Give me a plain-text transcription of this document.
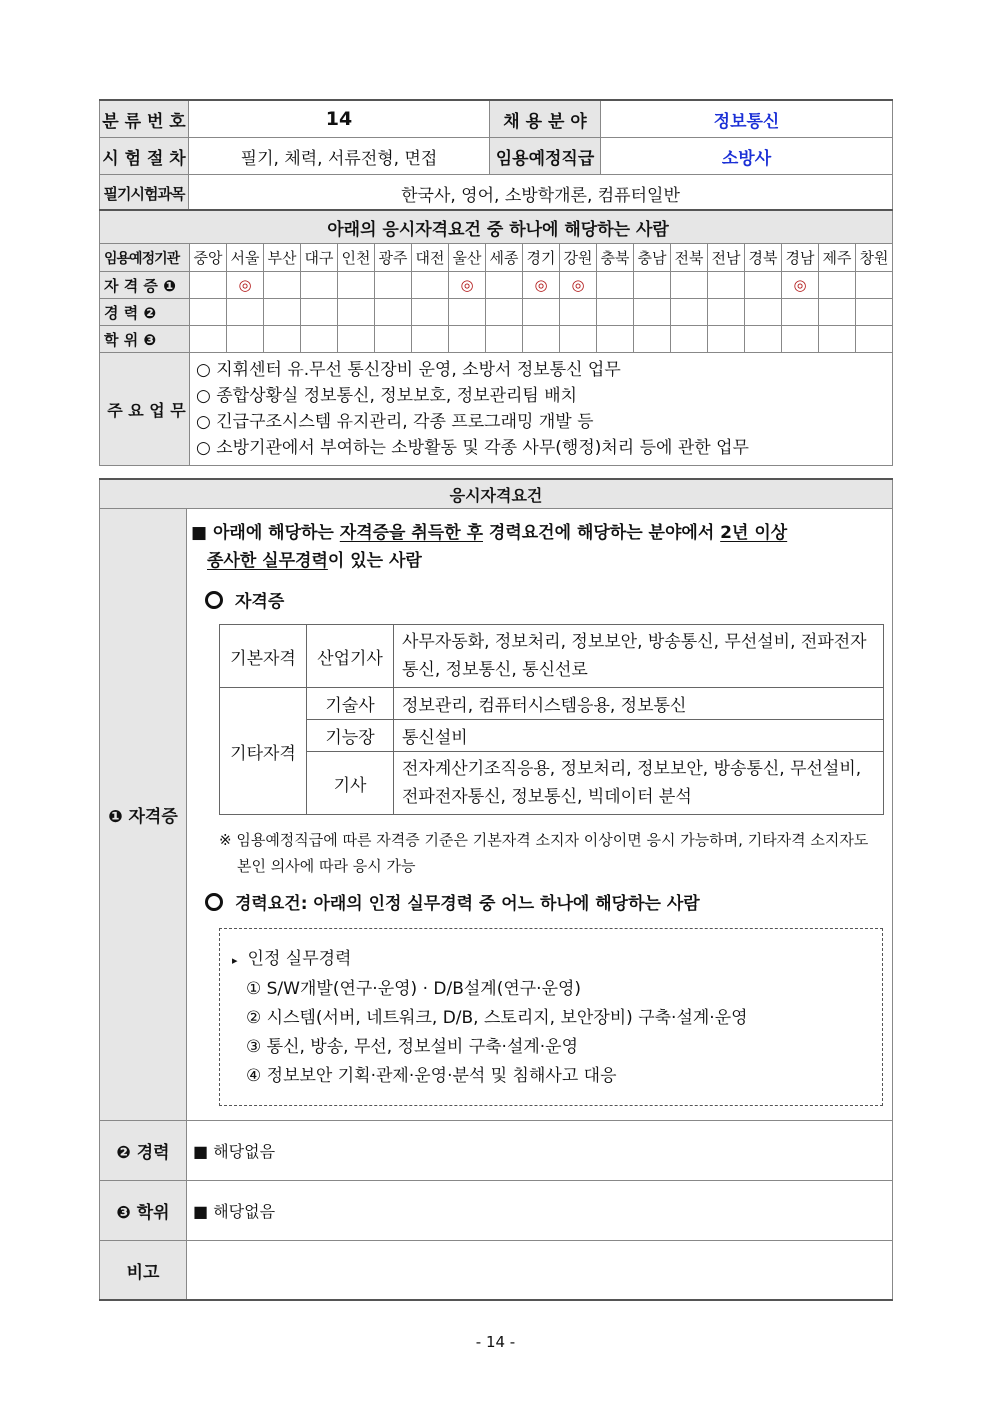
분 류 번 호	14	채 용 분 야	정보통신
시 험 절 차	필기, 체력, 서류전형, 면접	임용예정직급	소방사
필기시험과목	한국사, 영어, 소방학개론, 컴퓨터일반		
아래의 응시자격요건 중 하나에 해당하는 사람																			
임용예정기관	중앙	서울	부산	대구	인천	광주	대전	울산	세종	경기	강원	충북	충남	전북	전남	경북	경남	제주	창원
자 격 증 ❶		◎						◎		◎	◎						◎		
경 력 ❷																			
학 위 ❸																			
주 요 업 무	○ 지휘센터 유.무선 통신장비 운영, 소방서 정보통신 업무
○ 종합상황실 정보통신, 정보보호, 정보관리팀 배치
○ 긴급구조시스템 유지관리, 각종 프로그래밍 개발 등
○ 소방기관에서 부여하는 소방활동 및 각종 사무(행정)처리 등에 관한 업무																		
응시자격요건
❶ 자격증	
■ 아래에 해당하는 자격증을 취득한 후 경력요건에 해당하는 분야에서 2년 이상
종사한 실무경력이 있는 사람
자격증
기본자격	산업기사	사무자동화, 정보처리, 정보보안, 방송통신, 무선설비, 전파전자통신, 정보통신, 통신선로
기타자격	기술사	정보관리, 컴퓨터시스템응용, 정보통신
기능장	통신설비
기사	전자계산기조직응용, 정보처리, 정보보안, 방송통신, 무선설비, 전파전자통신, 정보통신, 빅데이터 분석
※ 임용예정직급에 따른 자격증 기준은 기본자격 소지자 이상이면 응시 가능하며, 기타자격 소지자도 본인 의사에 따라 응시 가능
경력요건: 아래의 인정 실무경력 중 어느 하나에 해당하는 사람
▸ 인정 실무경력
① S/W개발(연구·운영) · D/B설계(연구·운영)
② 시스템(서버, 네트워크, D/B, 스토리지, 보안장비) 구축·설계·운영
③ 통신, 방송, 무선, 정보설비 구축·설계·운영
④ 정보보안 기획·관제·운영·분석 및 침해사고 대응

❷ 경력	■ 해당없음
❸ 학위	■ 해당없음
비고	
- 14 -
